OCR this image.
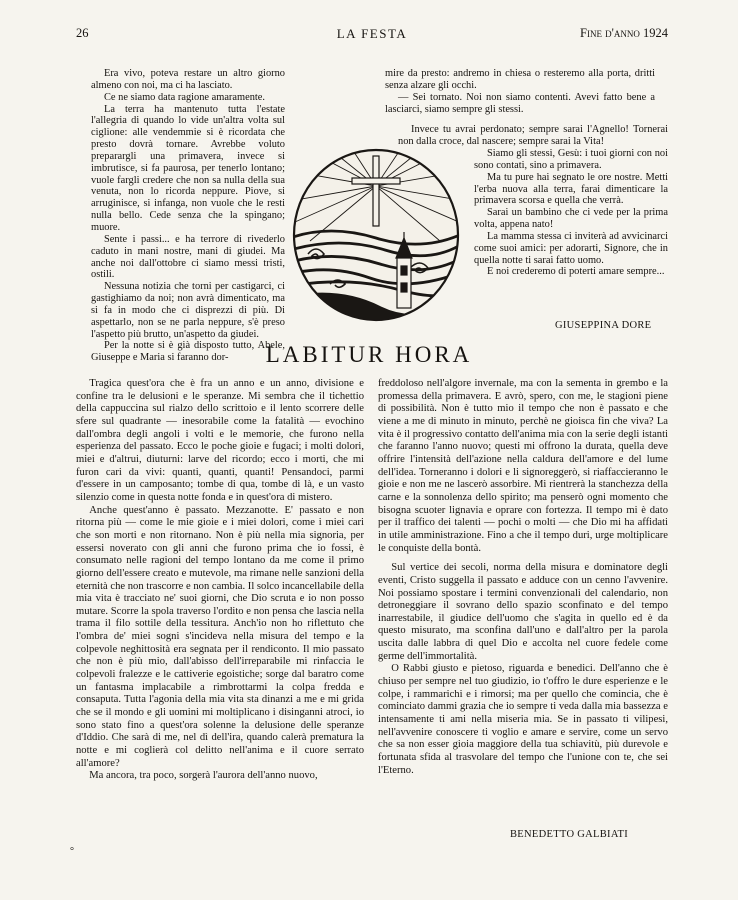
26	LA FESTA	Fine d'anno 1924

Era vivo, poteva restare un altro giorno almeno con noi, ma ci ha lasciato.

Ce ne siamo data ragione amaramente.

La terra ha mantenuto tutta l'estate l'allegria di quando lo vide un'altra volta sul ciglione: alle vendemmie si è ricordata che presto dovrà tornare. Avrebbe voluto preparargli una primavera, invece si imbrutisce, si fa paurosa, per tenerlo lontano; vuole fargli credere che non sa nulla della sua venuta, non lo ricorda neppure. Piove, si arruginisce, si infanga, non vuole che le resti nulla bello. Cede senza che la spingano; muore.

Sente i passi... e ha terrore di rivederlo caduto in mani nostre, mani di giudei. Ma anche noi dall'ottobre ci siamo messi tristi, ostili.

Nessuna notizia che torni per castigarci, ci gastighiamo da noi; non avrà dimenticato, ma si fa in modo che ci disprezzi di più. Di aspettarlo, non se ne parla neppure, s'è preso l'aspetto più brutto, un'aspetto da giudei.

Per la notte si è già disposto tutto, Abele, Giuseppe e Maria si faranno dor-

mire da presto: andremo in chiesa o resteremo alla porta, dritti senza alzare gli occhi.

— Sei tornato. Noi non siamo contenti. Avevi fatto bene a lasciarci, siamo sempre gli stessi.

Invece tu avrai perdonato; sempre sarai l'Agnello! Tornerai non dalla croce, dal nascere; sempre sarai la Vita!

Siamo gli stessi, Gesù: i tuoi giorni con noi sono contati, sino a primavera.

Ma tu pure hai segnato le ore nostre. Metti l'erba nuova alla terra, farai dimenticare la primavera scorsa e quella che verrà.

Sarai un bambino che ci vede per la prima volta, appena nato!

La mamma stessa ci inviterà ad avvicinarci come suoi amici: per adorarti, Signore, che in quella notte ti sarai fatto uomo.

E noi crederemo di poterti amare sempre...

GIUSEPPINA DORE
LABITUR HORA

Tragica quest'ora che è fra un anno e un anno, divisione e confine tra le delusioni e le speranze. Mi sembra che il tichettio della cappuccina sul rialzo dello scrittoio e il lento scorrere delle sfere sul quadrante — inesorabile come la fatalità — evochino dall'ombra degli angoli i volti e le memorie, che furono nella esperienza del passato. Ecco le poche gioie e fugaci; i molti dolori, miei e d'altrui, diuturni: larve del ricordo; ecco i morti, che mi furon cari da vivi: quanti, quanti, quanti! Pensandoci, parmi d'essere in un camposanto; tombe di qua, tombe di là, e un vasto silenzio come in questa notte fonda e in quest'ora di mistero.

Anche quest'anno è passato. Mezzanotte. E' passato e non ritorna più — come le mie gioie e i miei dolori, come i miei cari che son morti e non ritornano. Non è più nella mia signoria, per essersi noverato con gli anni che furono prima che io fossi, è consumato nelle ragioni del tempo lontano da me come il primo giorno dell'essere creato e mutevole, ma rimane nelle sanzioni della eternità che non trascorre e non cambia. Il solco incancellabile della mia vita è tracciato ne' suoi giorni, che Dio scruta e io non posso mutare. Scorre la spola traverso l'ordito e non pensa che lascia nella trama il filo sottile della tessitura. Anch'io non ho riflettuto che l'ombra de' miei sogni s'incideva nella misura del tempo e la colpevole neghittosità era segnata per il rendiconto. Il mio passato che non è più mio, dall'abisso dell'irreparabile mi rinfaccia le colpevoli fralezze e le cattiverie egoistiche; sorge dal baratro come un fantasma implacabile a rimbrottarmi la colpa fredda e consaputa. Tutta l'agonia della mia vita sta dinanzi a me e mi grida che se il mondo e gli uomini mi moltiplicano i disinganni atroci, io sono stato fino a quest'ora solenne la delusione delle speranze d'Iddio. Che sarà di me, nel dì dell'ira, quando calerà prematura la notte e mi coglierà col delitto nell'anima e il cuore serrato all'amore?

Ma ancora, tra poco, sorgerà l'aurora dell'anno nuovo,

freddoloso nell'algore invernale, ma con la sementa in grembo e la promessa della primavera. E avrò, spero, con me, le stagioni piene di possibilità. Non è tutto mio il tempo che non è passato e che viene a me di minuto in minuto, perchè ne gioisca fin che viva? La vita è il progressivo contatto dell'anima mia con la serie degli istanti che faranno l'anno nuovo; questi mi offrono la durata, quella deve offrire l'intensità dell'azione nella caldura dell'amore e del lume dell'idea. Torneranno i dolori e li signoreggerò, si riaffaccieranno le gioie e non me ne lascerò assorbire. Mi rientrerà la stanchezza della carne e la sonnolenza dello spirito; ma penserò ogni momento che bisogna scuoter lignavia e oprare con fortezza. Il tempo mi è dato per il traffico dei talenti — pochi o molti — che Dio mi ha affidati in utile amministrazione. Fino a che il tempo duri, urge moltiplicare le conquiste della bontà.

Sul vertice dei secoli, norma della misura e dominatore degli eventi, Cristo suggella il passato e adduce con un cenno l'avvenire. Noi possiamo spostare i termini convenzionali del calendario, non detroneggiare il sovrano dello spazio sconfinato e del tempo inarrestabile, il giudice dell'uomo che s'agita in quello ed è da questo misurato, ma sconfina dall'uno e dall'altro per la parola uscita dalle labbra di quel Dio e accolta nel cuore fedele come germe dell'immortalità.

O Rabbi giusto e pietoso, riguarda e benedici. Dell'anno che è chiuso per sempre nel tuo giudizio, io t'offro le dure esperienze e le colpe, i rammarichi e i rimorsi; ma per quello che comincia, che è cominciato dammi grazia che io sempre ti veda dalla mia bassezza e intensamente ti ami nella miseria mia. Se in passato ti vilipesi, nell'avvenire conoscere ti voglio e amare e servire, come un servo che sa non esser gioia maggiore della tua schiavitù, più durevole e fortunata sfida al trasvolare del tempo che l'unione con te, che sei l'Eterno.

BENEDETTO GALBIATI
°
